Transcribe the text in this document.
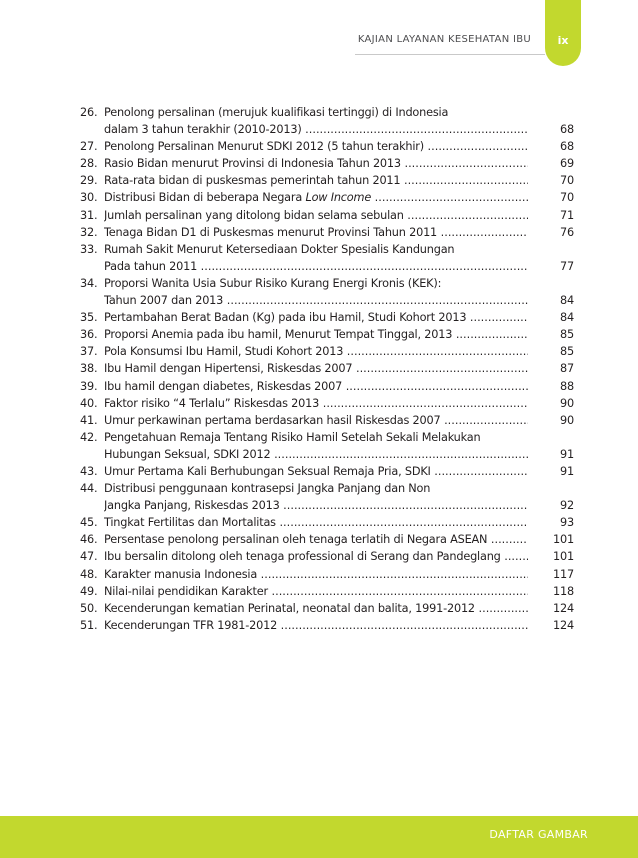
KAJIAN LAYANAN KESEHATAN IBU ix
26. Penolong persalinan (merujuk kualifikasi tertinggi) di Indonesia
dalam 3 tahun terakhir (2010-2013) .....	68
27. Penolong Persalinan Menurut SDKI 2012 (5 tahun terakhir) .....	68
28. Rasio Bidan menurut Provinsi di Indonesia Tahun 2013 .....	69
29. Rata-rata bidan di puskesmas pemerintah tahun 2011 .....	70
30. Distribusi Bidan di beberapa Negara Low Income .....	70
31. Jumlah persalinan yang ditolong bidan selama sebulan .....	71
32. Tenaga Bidan D1 di Puskesmas menurut Provinsi Tahun 2011 .....	76
33. Rumah Sakit Menurut Ketersediaan Dokter Spesialis Kandungan
Pada tahun 2011 .....	77
34. Proporsi Wanita Usia Subur Risiko Kurang Energi Kronis (KEK):
Tahun 2007 dan 2013 .....	84
35. Pertambahan Berat Badan (Kg) pada ibu Hamil, Studi Kohort 2013 .....	84
36. Proporsi Anemia pada ibu hamil, Menurut Tempat Tinggal, 2013 .....	85
37. Pola Konsumsi Ibu Hamil, Studi Kohort 2013 .....	85
38. Ibu Hamil dengan Hipertensi, Riskesdas 2007 .....	87
39. Ibu hamil dengan diabetes, Riskesdas 2007 .....	88
40. Faktor risiko “4 Terlalu” Riskesdas 2013 .....	90
41. Umur perkawinan pertama berdasarkan hasil Riskesdas 2007 .....	90
42. Pengetahuan Remaja Tentang Risiko Hamil Setelah Sekali Melakukan
Hubungan Seksual, SDKI 2012 .....	91
43. Umur Pertama Kali Berhubungan Seksual Remaja Pria, SDKI .....	91
44. Distribusi penggunaan kontrasepsi Jangka Panjang dan Non
Jangka Panjang, Riskesdas 2013 .....	92
45. Tingkat Fertilitas dan Mortalitas .....	93
46. Persentase penolong persalinan oleh tenaga terlatih di Negara ASEAN .....	101
47. Ibu bersalin ditolong oleh tenaga professional di Serang dan Pandeglang .....	101
48. Karakter manusia Indonesia .....	117
49. Nilai-nilai pendidikan Karakter .....	118
50. Kecenderungan kematian Perinatal, neonatal dan balita, 1991-2012 .....	124
51. Kecenderungan TFR 1981-2012 .....	124
DAFTAR GAMBAR
